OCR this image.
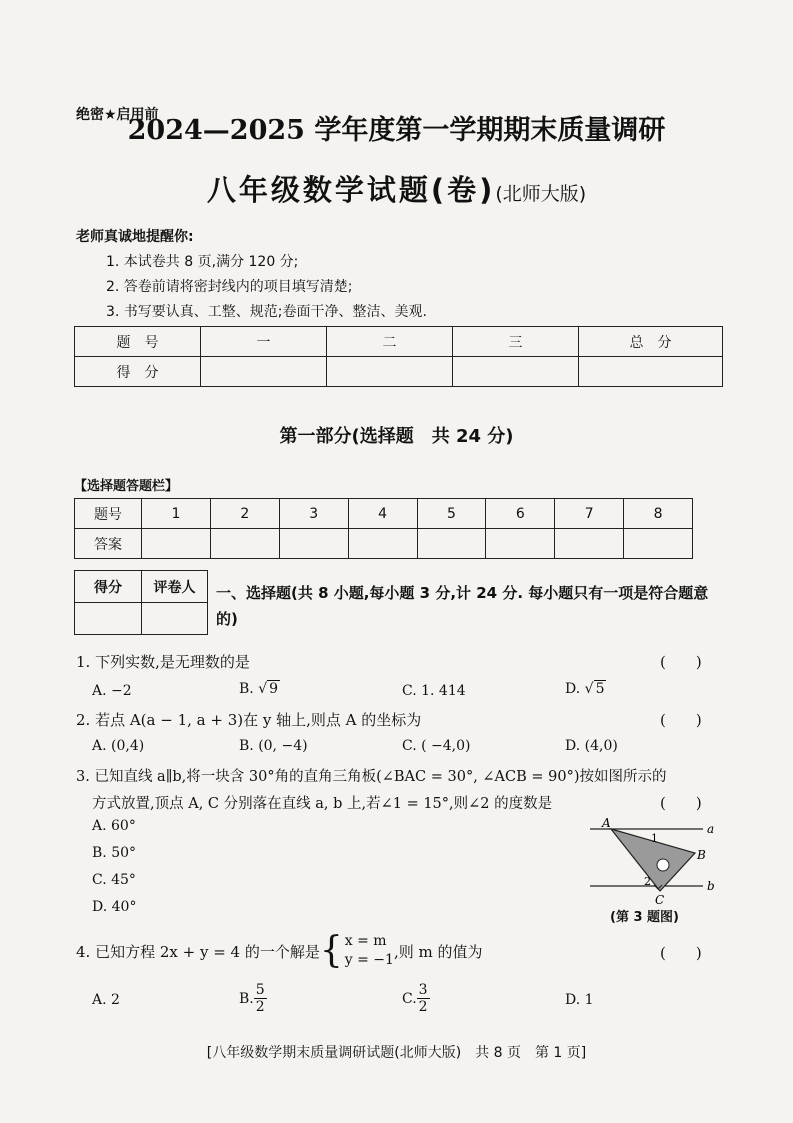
绝密★启用前
2024—2025 学年度第一学期期末质量调研
八年级数学试题(卷)(北师大版)
老师真诚地提醒你:
1. 本试卷共 8 页,满分 120 分;
2. 答卷前请将密封线内的项目填写清楚;
3. 书写要认真、工整、规范;卷面干净、整洁、美观.
题　号	一	二	三	总　分
得　分				
第一部分(选择题　共 24 分)
【选择题答题栏】
题号	1	2	3	4	5	6	7	8
答案								
得分	评卷人
	一、选择题(共 8 小题,每小题 3 分,计 24 分. 每小题只有一项是符合题意的)
1. 下列实数,是无理数的是	(　　)
A. −2	B. √ 9	C. 1. 414	D. √ 5
2. 若点 A(a − 1, a + 3)在 y 轴上,则点 A 的坐标为	(　　)
A. (0,4)	B. (0, −4)	C. ( −4,0)	D. (4,0)
3. 已知直线 a∥b,将一块含 30°角的直角三角板(∠BAC = 30°, ∠ACB = 90°)按如图所示的
方式放置,顶点 A, C 分别落在直线 a, b 上,若∠1 = 15°,则∠2 的度数是	(　　)
A. 60°
B. 50°
C. 45°
D. 40°
A
B
C
1
2
a
b
(第 3 题图)
4. 已知方程 2x + y = 4 的一个解是 { x = m
y = −1 ,则 m 的值为	(　　)
A. 2	B. $\frac{5}{2}$	C. $\frac{3}{2}$	D. 1
[八年级数学期末质量调研试题(北师大版)　共 8 页　第 1 页]
